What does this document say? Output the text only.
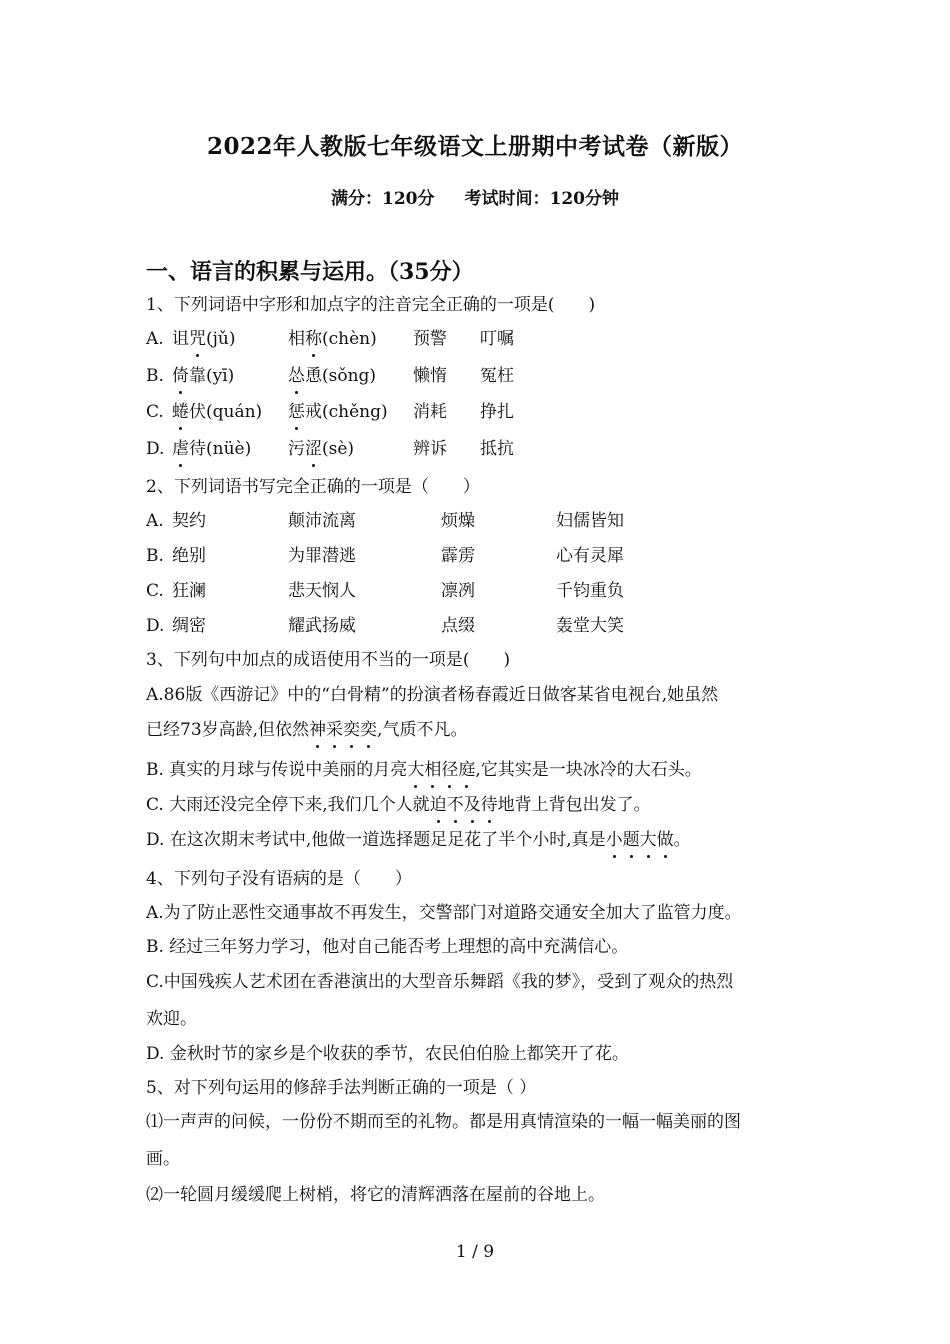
2022年人教版七年级语文上册期中考试卷（新版）
满分：120分 考试时间：120分钟
一、语言的积累与运用。（35分）
1、下列词语中字形和加点字的注音完全正确的一项是(　　)
A. 诅咒(jǔ)	相称(chèn) 预警 叮嘱
B. 倚靠(yī)	怂恿(sǒng) 懒惰 冤枉
C. 蜷伏(quán) 惩戒(chěng) 消耗 挣扎
D. 虐待(nüè) 污涩(sè)	辨诉 抵抗
2、下列词语书写完全正确的一项是（　　）
A. 契约	颠沛流离	烦燥	妇儒皆知
B. 绝别	为罪潜逃	霹雳	心有灵犀
C. 狂澜	悲天悯人	凛冽	千钧重负
D. 绸密	耀武扬威	点缀	轰堂大笑
3、下列句中加点的成语使用不当的一项是(　　)
A.86版《西游记》中的“白骨精”的扮演者杨春霞近日做客某省电视台,她虽然
已经73岁高龄,但依然神采奕奕,气质不凡。
B. 真实的月球与传说中美丽的月亮大相径庭,它其实是一块冰冷的大石头。
C. 大雨还没完全停下来,我们几个人就迫不及待地背上背包出发了。
D. 在这次期末考试中,他做一道选择题足足花了半个小时,真是小题大做。
4、下列句子没有语病的是（　　）
A.为了防止恶性交通事故不再发生，交警部门对道路交通安全加大了监管力度。
B. 经过三年努力学习，他对自己能否考上理想的高中充满信心。
C.中国残疾人艺术团在香港演出的大型音乐舞蹈《我的梦》，受到了观众的热烈
欢迎。
D. 金秋时节的家乡是个收获的季节，农民伯伯脸上都笑开了花。
5、对下列句运用的修辞手法判断正确的一项是（ ）
⑴一声声的问候，一份份不期而至的礼物。都是用真情渲染的一幅一幅美丽的图
画。
⑵一轮圆月缓缓爬上树梢，将它的清辉洒落在屋前的谷地上。
1 / 9
